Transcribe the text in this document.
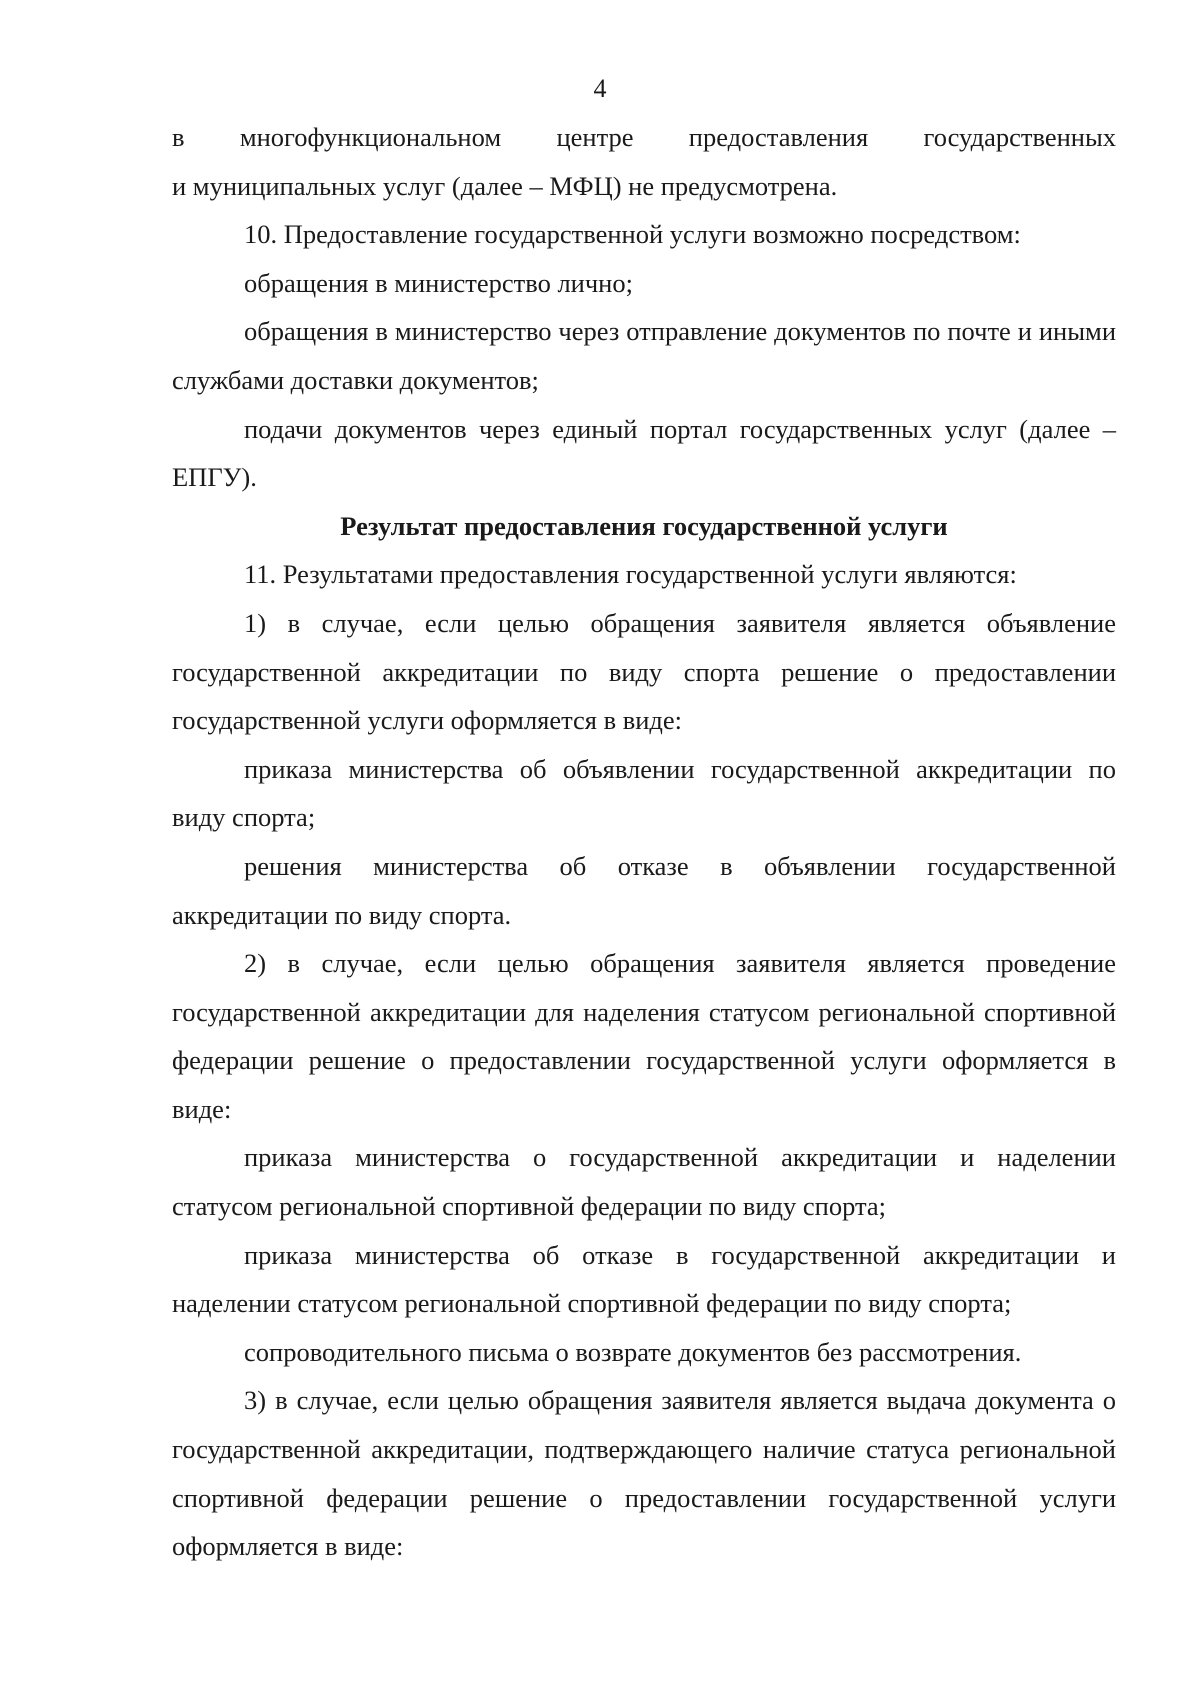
4

в многофункциональном центре предоставления государственных

и муниципальных услуг (далее – МФЦ) не предусмотрена.

10. Предоставление государственной услуги возможно посредством:

обращения в министерство лично;

обращения в министерство через отправление документов по почте и иными службами доставки документов;

подачи документов через единый портал государственных услуг (далее – ЕПГУ).

Результат предоставления государственной услуги

11. Результатами предоставления государственной услуги являются:

1) в случае, если целью обращения заявителя является объявление государственной аккредитации по виду спорта решение о предоставлении государственной услуги оформляется в виде:

приказа министерства об объявлении государственной аккредитации по виду спорта;

решения министерства об отказе в объявлении государственной аккредитации по виду спорта.

2) в случае, если целью обращения заявителя является проведение государственной аккредитации для наделения статусом региональной спортивной федерации решение о предоставлении государственной услуги оформляется в виде:

приказа министерства о государственной аккредитации и наделении статусом региональной спортивной федерации по виду спорта;

приказа министерства об отказе в государственной аккредитации и наделении статусом региональной спортивной федерации по виду спорта;

сопроводительного письма о возврате документов без рассмотрения.

3) в случае, если целью обращения заявителя является выдача документа о государственной аккредитации, подтверждающего наличие статуса региональной спортивной федерации решение о предоставлении государственной услуги оформляется в виде:
